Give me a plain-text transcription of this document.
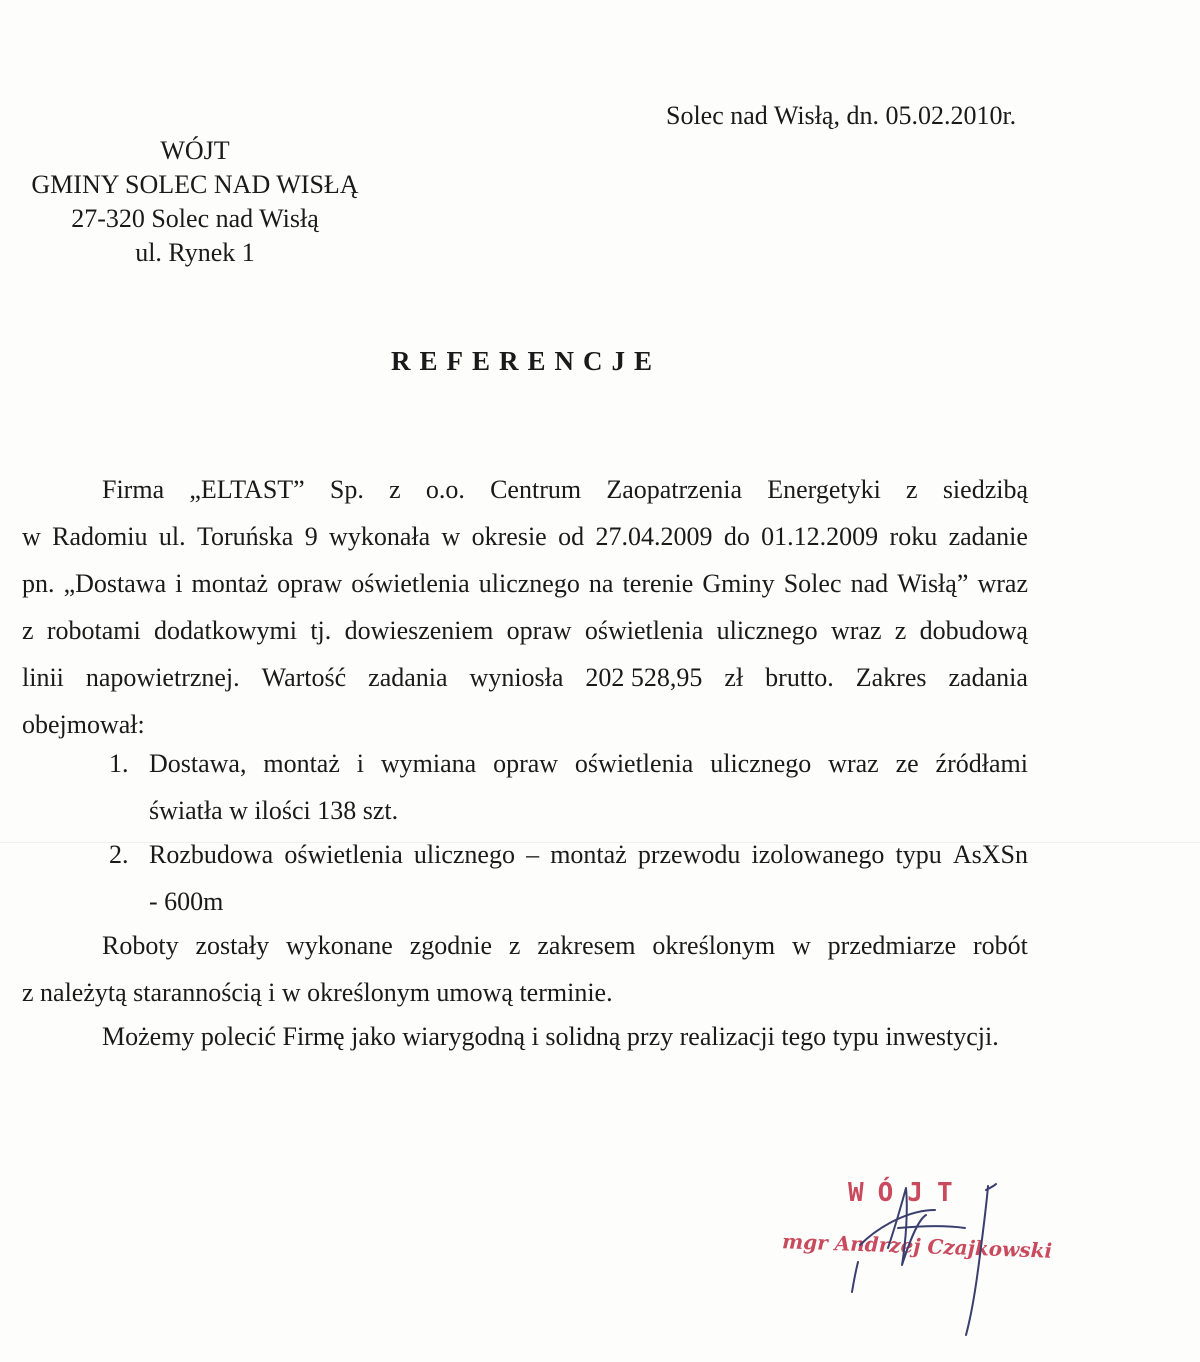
Solec nad Wisłą, dn. 05.02.2010r.
WÓJT
GMINY SOLEC NAD WISŁĄ
27-320 Solec nad Wisłą
ul. Rynek 1
REFERENCJE
Firma „ELTAST” Sp. z o.o. Centrum Zaopatrzenia Energetyki z siedzibą
w Radomiu ul. Toruńska 9 wykonała w okresie od 27.04.2009 do 01.12.2009 roku zadanie
pn. „Dostawa i montaż opraw oświetlenia ulicznego na terenie Gminy Solec nad Wisłą” wraz
z robotami dodatkowymi tj. dowieszeniem opraw oświetlenia ulicznego wraz z dobudową
linii napowietrznej. Wartość zadania wyniosła 202 528,95 zł brutto. Zakres zadania
obejmował:
1. Dostawa, montaż i wymiana opraw oświetlenia ulicznego wraz ze źródłami
światła w ilości 138 szt.
2. Rozbudowa oświetlenia ulicznego – montaż przewodu izolowanego typu AsXSn
- 600m
Roboty zostały wykonane zgodnie z zakresem określonym w przedmiarze robót
z należytą starannością i w określonym umową terminie.
Możemy polecić Firmę jako wiarygodną i solidną przy realizacji tego typu inwestycji.
WÓJT
mgr Andrzej Czajkowski
